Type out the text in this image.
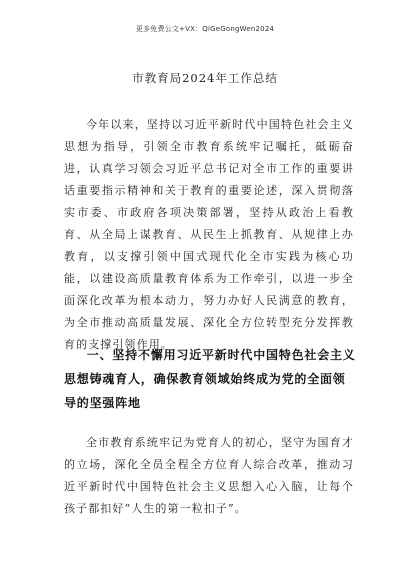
更多免费公文+VX：QiGeGongWen2024
市教育局2024年工作总结

今年以来，坚持以习近平新时代中国特色社会主义思想为指导，引领全市教育系统牢记嘱托，砥砺奋进，认真学习领会习近平总书记对全市工作的重要讲话重要指示精神和关于教育的重要论述，深入贯彻落实市委、市政府各项决策部署，坚持从政治上看教育、从全局上谋教育、从民生上抓教育、从规律上办教育，以支撑引领中国式现代化全市实践为核心功能，以建设高质量教育体系为工作牵引，以进一步全面深化改革为根本动力，努力办好人民满意的教育，为全市推动高质量发展、深化全方位转型充分发挥教育的支撑引领作用。

一、坚持不懈用习近平新时代中国特色社会主义思想铸魂育人，确保教育领域始终成为党的全面领导的坚强阵地

全市教育系统牢记为党育人的初心，坚守为国育才的立场，深化全员全程全方位育人综合改革，推动习近平新时代中国特色社会主义思想入心入脑，让每个孩子都扣好“人生的第一粒扣子”。
